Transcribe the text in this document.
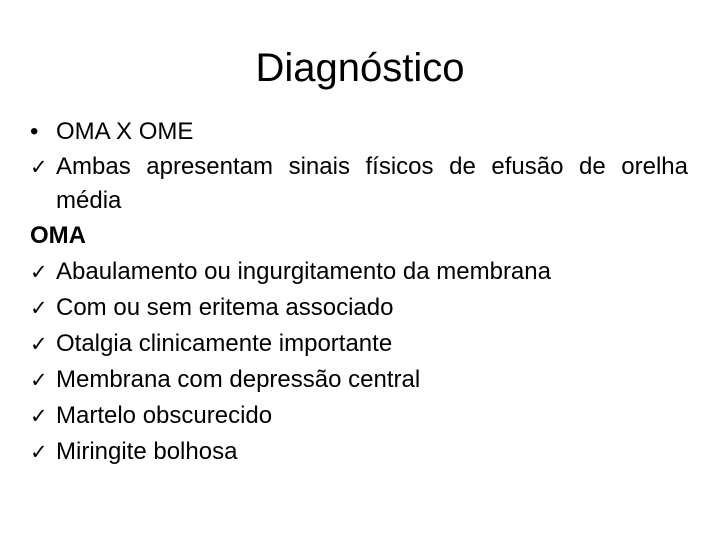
Diagnóstico

• OMA X OME

✓ Ambas apresentam sinais físicos de efusão de orelha média

OMA

✓ Abaulamento ou ingurgitamento da membrana

✓ Com ou sem eritema associado

✓ Otalgia clinicamente importante

✓ Membrana com depressão central

✓ Martelo obscurecido

✓ Miringite bolhosa
